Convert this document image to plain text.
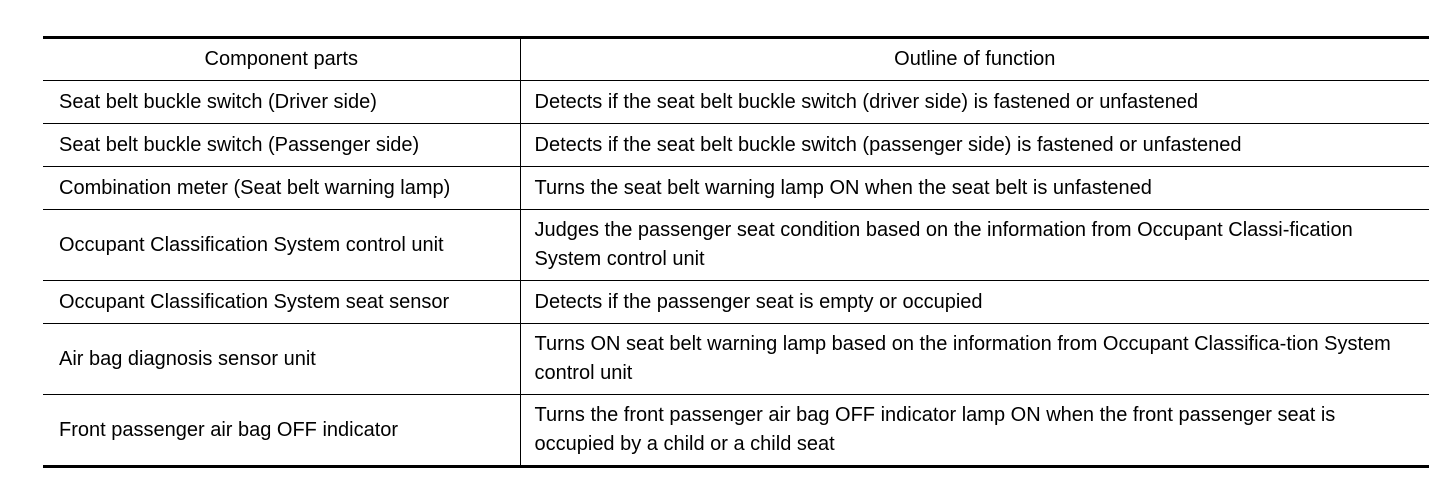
Component parts	Outline of function
Seat belt buckle switch (Driver side)	Detects if the seat belt buckle switch (driver side) is fastened or unfastened
Seat belt buckle switch (Passenger side)	Detects if the seat belt buckle switch (passenger side) is fastened or unfastened
Combination meter (Seat belt warning lamp)	Turns the seat belt warning lamp ON when the seat belt is unfastened
Occupant Classification System control unit	Judges the passenger seat condition based on the information from Occupant Classi-fication System control unit
Occupant Classification System seat sensor	Detects if the passenger seat is empty or occupied
Air bag diagnosis sensor unit	Turns ON seat belt warning lamp based on the information from Occupant Classifica-tion System control unit
Front passenger air bag OFF indicator	Turns the front passenger air bag OFF indicator lamp ON when the front passenger seat is occupied by a child or a child seat
